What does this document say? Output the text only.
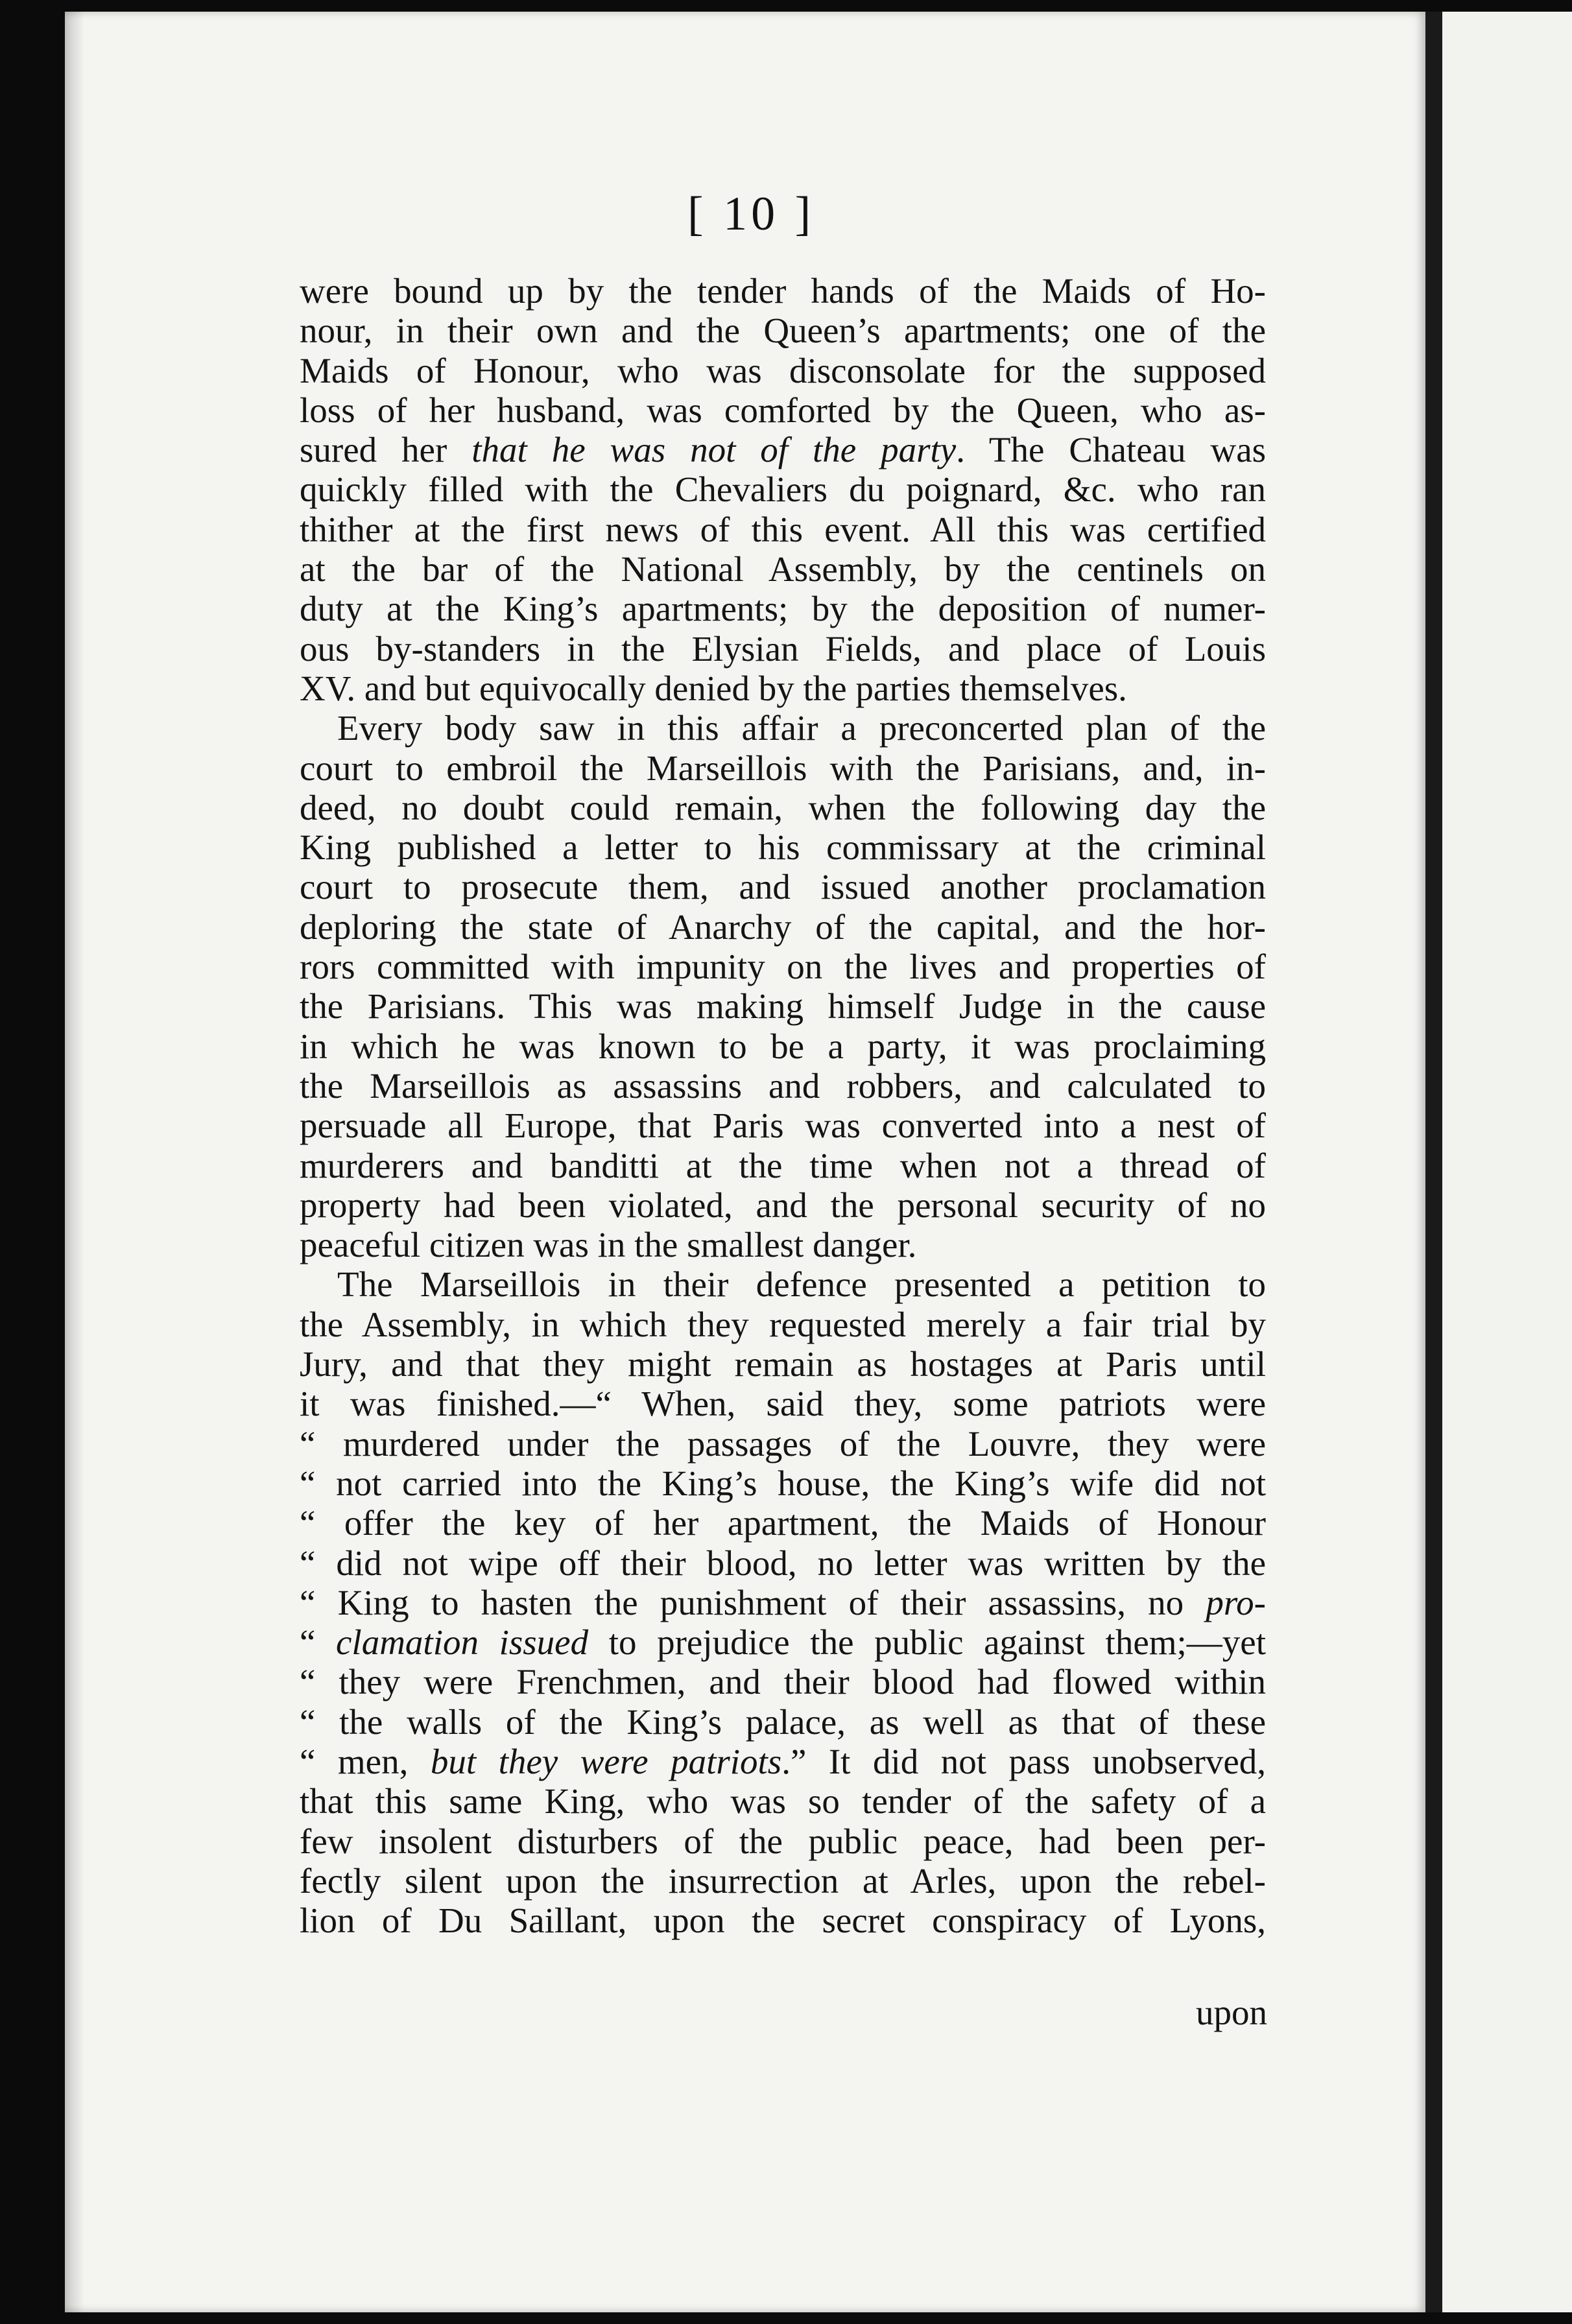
[ 10 ]
were bound up by the tender hands of the Maids of Ho-
nour, in their own and the Queen’s apartments; one of the
Maids of Honour, who was disconsolate for the supposed
loss of her husband, was comforted by the Queen, who as-
sured her that he was not of the party. The Chateau was
quickly filled with the Chevaliers du poignard, &c. who ran
thither at the first news of this event. All this was certified
at the bar of the National Assembly, by the centinels on
duty at the King’s apartments; by the deposition of numer-
ous by-standers in the Elysian Fields, and place of Louis
XV. and but equivocally denied by the parties themselves.
Every body saw in this affair a preconcerted plan of the
court to embroil the Marseillois with the Parisians, and, in-
deed, no doubt could remain, when the following day the
King published a letter to his commissary at the criminal
court to prosecute them, and issued another proclamation
deploring the state of Anarchy of the capital, and the hor-
rors committed with impunity on the lives and properties of
the Parisians. This was making himself Judge in the cause
in which he was known to be a party, it was proclaiming
the Marseillois as assassins and robbers, and calculated to
persuade all Europe, that Paris was converted into a nest of
murderers and banditti at the time when not a thread of
property had been violated, and the personal security of no
peaceful citizen was in the smallest danger.
The Marseillois in their defence presented a petition to
the Assembly, in which they requested merely a fair trial by
Jury, and that they might remain as hostages at Paris until
it was finished.—“ When, said they, some patriots were
“ murdered under the passages of the Louvre, they were
“ not carried into the King’s house, the King’s wife did not
“ offer the key of her apartment, the Maids of Honour
“ did not wipe off their blood, no letter was written by the
“ King to hasten the punishment of their assassins, no pro-
“ clamation issued to prejudice the public against them;—yet
“ they were Frenchmen, and their blood had flowed within
“ the walls of the King’s palace, as well as that of these
“ men, but they were patriots.” It did not pass unobserved,
that this same King, who was so tender of the safety of a
few insolent disturbers of the public peace, had been per-
fectly silent upon the insurrection at Arles, upon the rebel-
lion of Du Saillant, upon the secret conspiracy of Lyons,
upon
